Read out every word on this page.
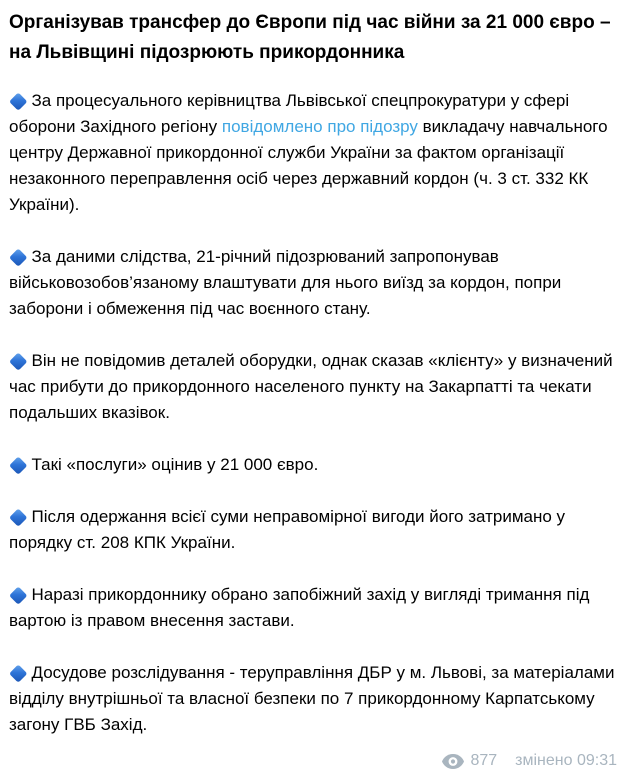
Організував трансфер до Європи під час війни за 21 000 євро – на Львівщині підозрюють прикордонника

За процесуального керівництва Львівської спецпрокуратури у сфері оборони Західного регіону повідомлено про підозру викладачу навчального центру Державної прикордонної служби України за фактом організації незаконного переправлення осіб через державний кордон (ч. 3 ст. 332 КК України).

За даними слідства, 21-річний підозрюваний запропонував військовозобов’язаному влаштувати для нього виїзд за кордон, попри заборони і обмеження під час воєнного стану.

Він не повідомив деталей оборудки, однак сказав «клієнту» у визначений час прибути до прикордонного населеного пункту на Закарпатті та чекати подальших вказівок.

Такі «послуги» оцінив у 21 000 євро.

Після одержання всієї суми неправомірної вигоди його затримано у порядку ст. 208 КПК України.

Наразі прикордоннику обрано запобіжний захід у вигляді тримання під вартою із правом внесення застави.

Досудове розслідування - теруправління ДБР у м. Львові, за матеріалами відділу внутрішньої та власної безпеки по 7 прикордонному Карпатському загону ГВБ Захід.

877 змінено 09:31
